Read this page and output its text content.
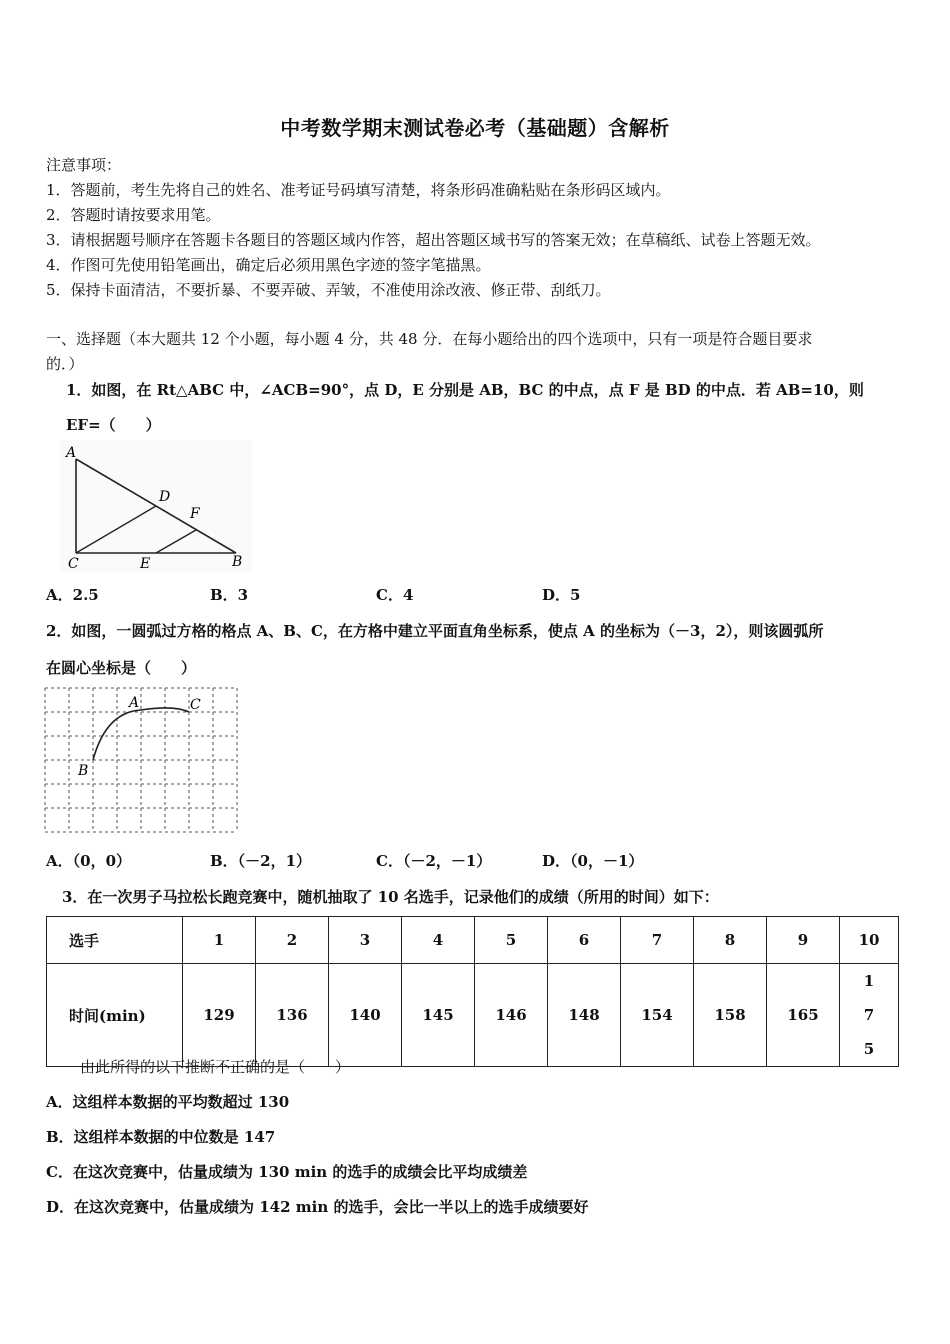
中考数学期末测试卷必考（基础题）含解析
注意事项：
1．答题前，考生先将自己的姓名、准考证号码填写清楚，将条形码准确粘贴在条形码区域内。
2．答题时请按要求用笔。
3．请根据题号顺序在答题卡各题目的答题区域内作答，超出答题区域书写的答案无效；在草稿纸、试卷上答题无效。
4．作图可先使用铅笔画出，确定后必须用黑色字迹的签字笔描黑。
5．保持卡面清洁，不要折暴、不要弄破、弄皱，不准使用涂改液、修正带、刮纸刀。
一、选择题（本大题共 12 个小题，每小题 4 分，共 48 分．在每小题给出的四个选项中，只有一项是符合题目要求
的．）
1．如图，在 Rt△ABC 中，∠ACB=90°，点 D，E 分别是 AB，BC 的中点，点 F 是 BD 的中点．若 AB=10，则
EF=（　　）
A
D
F
C	E	B
A．2.5	B．3	C．4	D．5
2．如图，一圆弧过方格的格点 A、B、C，在方格中建立平面直角坐标系，使点 A 的坐标为（－3，2），则该圆弧所
在圆心坐标是（　　）
A	C
B
A．（0，0）	B．（－2，1）	C．（－2，－1）	D．（0，－1）
3．在一次男子马拉松长跑竞赛中，随机抽取了 10 名选手，记录他们的成绩（所用的时间）如下：
选手	1	2	3	4	5	6	7	8	9	10
时间(min)	129	136	140	145	146	148	154	158	165	175
由此所得的以下推断不正确的是（　　）
A．这组样本数据的平均数超过 130
B．这组样本数据的中位数是 147
C．在这次竞赛中，估量成绩为 130 min 的选手的成绩会比平均成绩差
D．在这次竞赛中，估量成绩为 142 min 的选手，会比一半以上的选手成绩要好
